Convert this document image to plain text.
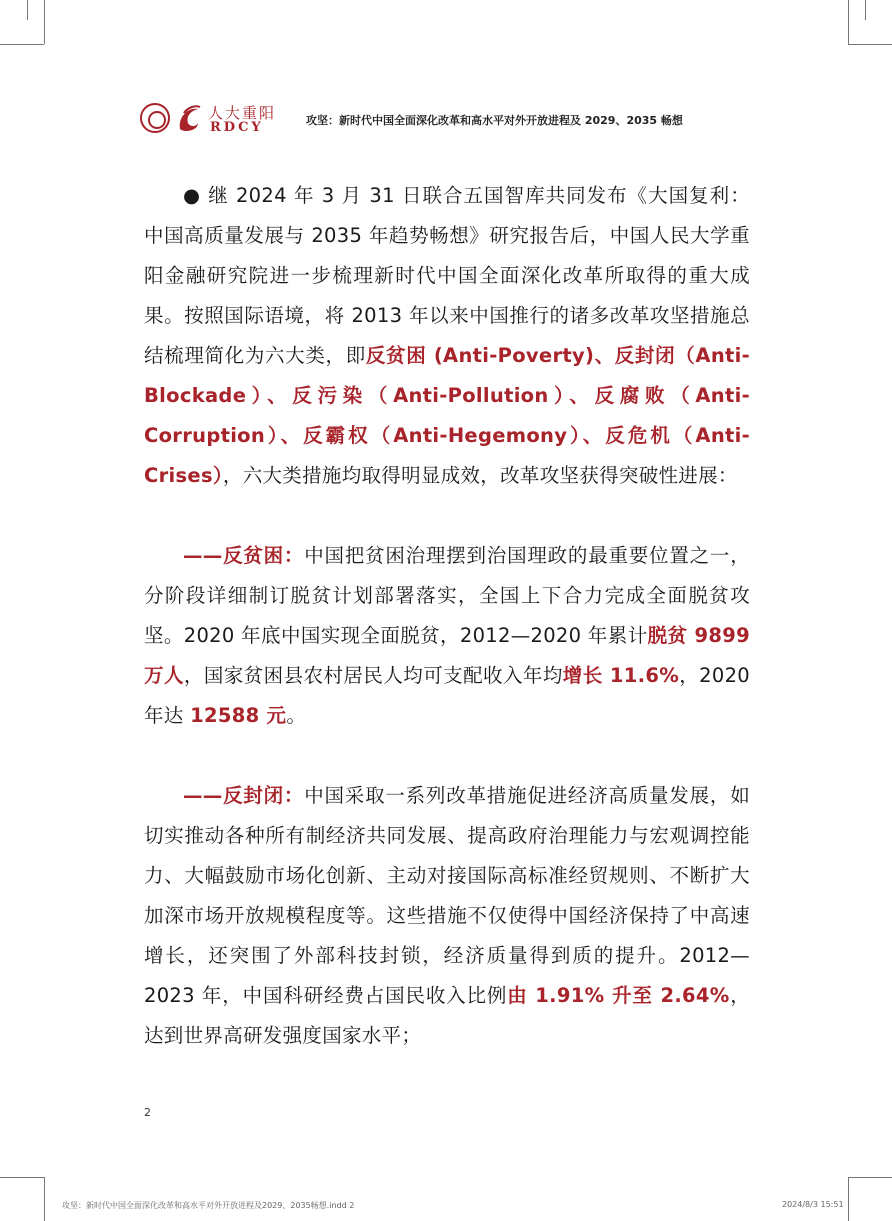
人大重阳
RDCY	攻坚：新时代中国全面深化改革和高水平对外开放进程及 2029、2035 畅想

● 继 2024 年 3 月 31 日联合五国智库共同发布《大国复利：中国高质量发展与 2035 年趋势畅想》研究报告后，中国人民大学重阳金融研究院进一步梳理新时代中国全面深化改革所取得的重大成果。按照国际语境，将 2013 年以来中国推行的诸多改革攻坚措施总结梳理简化为六大类，即反贫困 (Anti-Poverty)、反封闭（Anti-Blockade）、反污染（Anti-Pollution）、反腐败（Anti-Corruption）、反霸权（Anti-Hegemony）、反危机（Anti-Crises），六大类措施均取得明显成效，改革攻坚获得突破性进展：

——反贫困：中国把贫困治理摆到治国理政的最重要位置之一，分阶段详细制订脱贫计划部署落实，全国上下合力完成全面脱贫攻坚。2020 年底中国实现全面脱贫，2012—2020 年累计脱贫 9899 万人，国家贫困县农村居民人均可支配收入年均增长 11.6%，2020 年达 12588 元。

——反封闭：中国采取一系列改革措施促进经济高质量发展，如切实推动各种所有制经济共同发展、提高政府治理能力与宏观调控能力、大幅鼓励市场化创新、主动对接国际高标准经贸规则、不断扩大加深市场开放规模程度等。这些措施不仅使得中国经济保持了中高速增长，还突围了外部科技封锁，经济质量得到质的提升。2012—2023 年，中国科研经费占国民收入比例由 1.91% 升至 2.64%，达到世界高研发强度国家水平；

2
攻坚：新时代中国全面深化改革和高水平对外开放进程及2029、2035畅想.indd 2	2024/8/3 15:51
